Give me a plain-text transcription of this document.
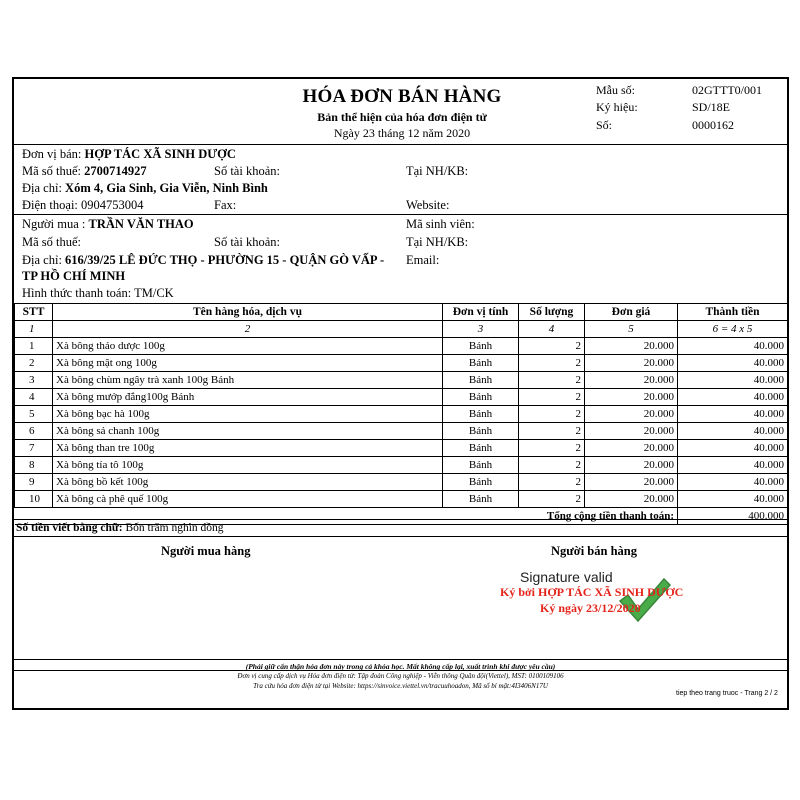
HÓA ĐƠN BÁN HÀNG
Bản thể hiện của hóa đơn điện tử
Ngày 23 tháng 12 năm 2020
Mẫu số:	02GTTT0/001
Ký hiệu:	SD/18E
Số:	0000162
Đơn vị bán: HỢP TÁC XÃ SINH DƯỢC
Mã số thuế: 2700714927	Số tài khoản:	Tại NH/KB:
Địa chỉ: Xóm 4, Gia Sinh, Gia Viễn, Ninh Bình
Điện thoại: 0904753004	Fax:	Website:
Người mua : TRẦN VĂN THAO	Mã sinh viên:
Mã số thuế:	Số tài khoản:	Tại NH/KB:
Địa chỉ: 616/39/25 LÊ ĐỨC THỌ - PHƯỜNG 15 - QUẬN GÒ VẤP - Email:
TP HỒ CHÍ MINH
Hình thức thanh toán: TM/CK
STT	Tên hàng hóa, dịch vụ	Đơn vị tính	Số lượng	Đơn giá	Thành tiền
1	2	3	4	5	6 = 4 x 5
1	Xà bông thảo dược 100g	Bánh	2	20.000	40.000
2	Xà bông mật ong 100g	Bánh	2	20.000	40.000
3	Xà bông chùm ngây trà xanh 100g Bánh	Bánh	2	20.000	40.000
4	Xà bông mướp đắng100g Bánh	Bánh	2	20.000	40.000
5	Xà bông bạc hà 100g	Bánh	2	20.000	40.000
6	Xà bông sả chanh 100g	Bánh	2	20.000	40.000
7	Xà bông than tre 100g	Bánh	2	20.000	40.000
8	Xà bông tía tô 100g	Bánh	2	20.000	40.000
9	Xà bông bồ kết 100g	Bánh	2	20.000	40.000
10	Xà bông cà phê quế 100g	Bánh	2	20.000	40.000
Tổng cộng tiền thanh toán:					400.000
Số tiền viết bằng chữ: Bốn trăm nghìn đồng
Người mua hàng	Người bán hàng
Signature valid
Ký bởi HỢP TÁC XÃ SINH DƯỢC
Ký ngày 23/12/2020
(Phải giữ cẩn thận hóa đơn này trong cả khóa học. Mất không cấp lại, xuất trình khi được yêu cầu)
Đơn vị cung cấp dịch vụ Hóa đơn điện tử: Tập đoàn Công nghiệp - Viễn thông Quân đội(Viettel), MST: 0100109106
Tra cứu hóa đơn điện tử tại Website: https://sinvoice.viettel.vn/tracuuhoadon, Mã số bí mật:4I3406N17U
tiep theo trang truoc - Trang 2 / 2
